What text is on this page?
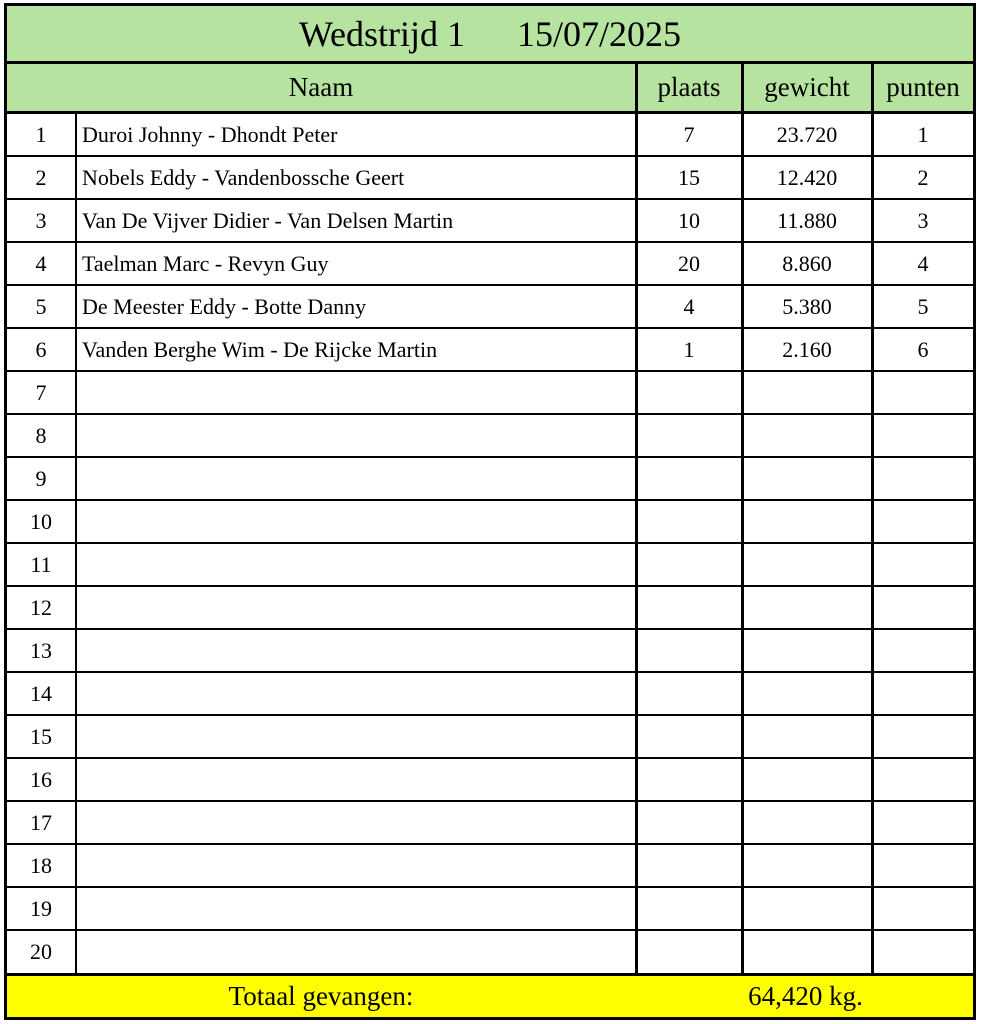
Wedstrijd 1 15/07/2025
Naam	plaats	gewicht	punten
1	Duroi Johnny - Dhondt Peter	7	23.720	1
2	Nobels Eddy - Vandenbossche Geert	15	12.420	2
3	Van De Vijver Didier - Van Delsen Martin	10	11.880	3
4	Taelman Marc - Revyn Guy	20	8.860	4
5	De Meester Eddy - Botte Danny	4	5.380	5
6	Vanden Berghe Wim - De Rijcke Martin	1	2.160	6
7
8
9
10
11
12
13
14
15
16
17
18
19
20
Totaal gevangen:	64,420 kg.
